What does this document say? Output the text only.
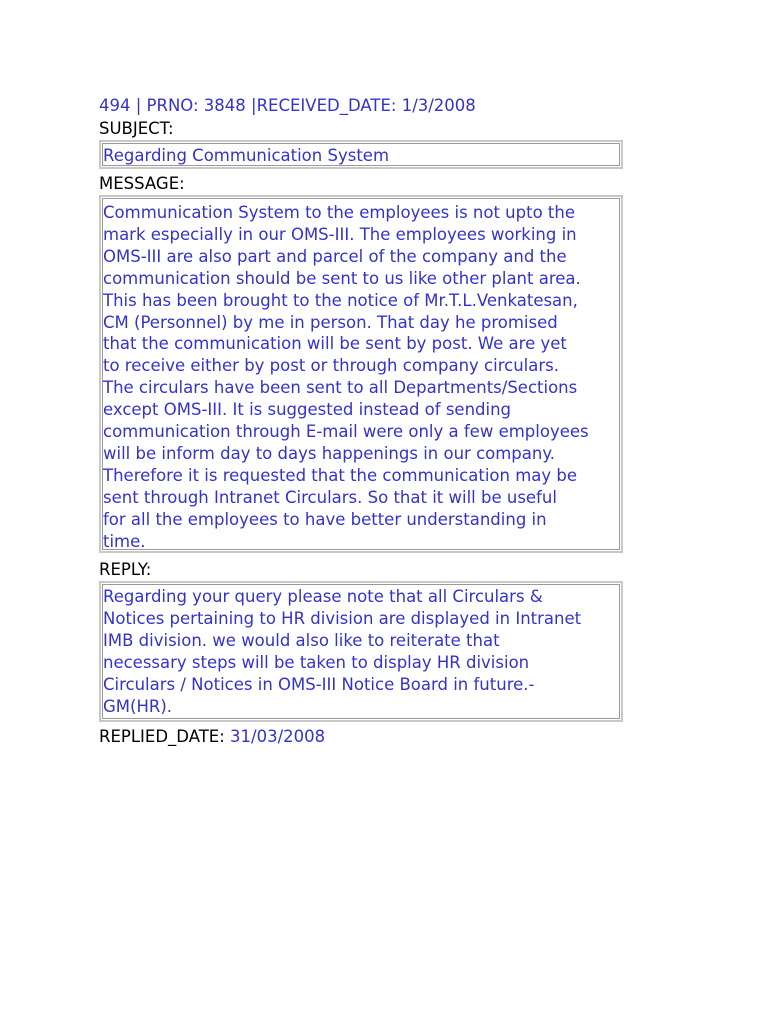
494 | PRNO: 3848 |RECEIVED_DATE: 1/3/2008
SUBJECT:
Regarding Communication System
MESSAGE:
Communication System to the employees is not upto the
mark especially in our OMS-III. The employees working in
OMS-III are also part and parcel of the company and the
communication should be sent to us like other plant area.
This has been brought to the notice of Mr.T.L.Venkatesan,
CM (Personnel) by me in person. That day he promised
that the communication will be sent by post. We are yet
to receive either by post or through company circulars.
The circulars have been sent to all Departments/Sections
except OMS-III. It is suggested instead of sending
communication through E-mail were only a few employees
will be inform day to days happenings in our company.
Therefore it is requested that the communication may be
sent through Intranet Circulars. So that it will be useful
for all the employees to have better understanding in
time.
REPLY:
Regarding your query please note that all Circulars &
Notices pertaining to HR division are displayed in Intranet
IMB division. we would also like to reiterate that
necessary steps will be taken to display HR division
Circulars / Notices in OMS-III Notice Board in future.-
GM(HR).
REPLIED_DATE: 31/03/2008
